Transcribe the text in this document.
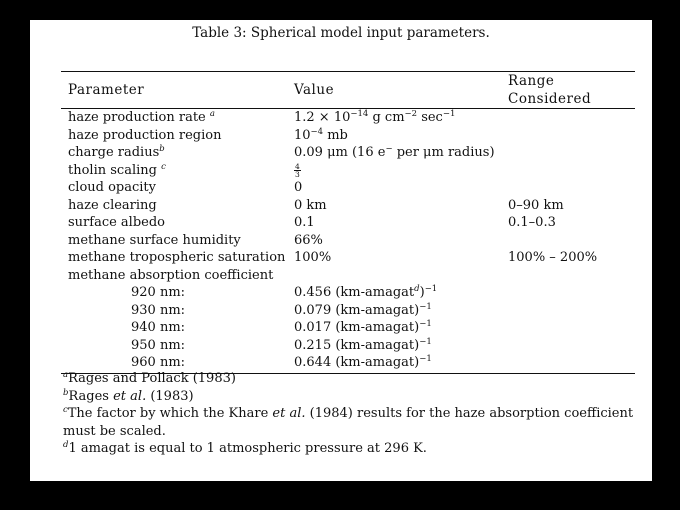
Table 3: Spherical model input parameters.
Parameter	Value	Range Considered
haze production rate $^a$	$1.2 \times 10^{-14}$ g $cm^{-2}$ $\sec^{-1}$	
haze production region	$10^{-4}$ mb	
charge radius$^b$	0.09 μm (16 e− per μm radius)	
tholin scaling $^c$	$\frac{4}{3}$

cloud opacity	0	
haze clearing	0 km	0–90 km
surface albedo	0.1	0.1–0.3
methane surface humidity	66%	
methane tropospheric saturation	100%	100% – 200%
methane absorption coefficient		
920 nm:	0.456 (km-amagat$^d$)$^{-1}$	
930 nm:	0.079 (km-amagat)$^{-1}$	
940 nm:	0.017 (km-amagat)$^{-1}$	
950 nm:	0.215 (km-amagat)$^{-1}$	
960 nm:	0.644 (km-amagat)$^{-1}$	
$^a$Rages and Pollack (1983)
$^b$Rages et al. (1983)
$^c$The factor by which the Khare et al. (1984) results for the haze absorption coefficient must be scaled.
$^d$1 amagat is equal to 1 atmospheric pressure at 296 K.
